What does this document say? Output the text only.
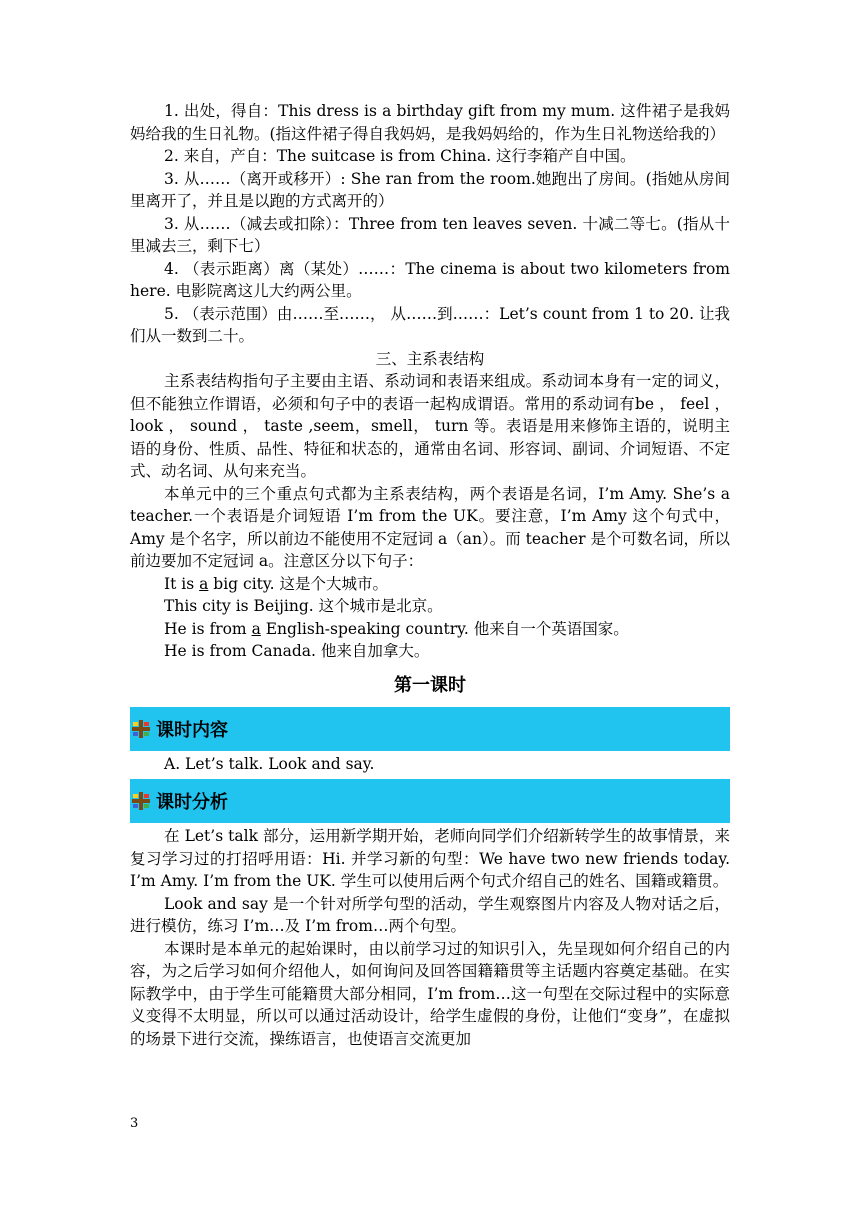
1. 出处，得自：This dress is a birthday gift from my mum. 这件裙子是我妈妈给我的生日礼物。(指这件裙子得自我妈妈，是我妈妈给的，作为生日礼物送给我的）

2. 来自，产自：The suitcase is from China. 这行李箱产自中国。

3. 从……（离开或移开）: She ran from the room.她跑出了房间。(指她从房间里离开了，并且是以跑的方式离开的）

3. 从……（减去或扣除）：Three from ten leaves seven. 十减二等七。(指从十里减去三，剩下七）

4. （表示距离）离（某处）……：The cinema is about two kilometers from here. 电影院离这儿大约两公里。

5. （表示范围）由……至……， 从……到……：Let’s count from 1 to 20. 让我们从一数到二十。

三、主系表结构

主系表结构指句子主要由主语、系动词和表语来组成。系动词本身有一定的词义，但不能独立作谓语，必须和句子中的表语一起构成谓语。常用的系动词有be ， feel ， look ， sound ， taste ,seem，smell， turn 等。表语是用来修饰主语的，说明主语的身份、性质、品性、特征和状态的，通常由名词、形容词、副词、介词短语、不定式、动名词、从句来充当。

本单元中的三个重点句式都为主系表结构，两个表语是名词，I’m Amy. She’s a teacher.一个表语是介词短语 I’m from the UK。要注意，I’m Amy 这个句式中，Amy 是个名字，所以前边不能使用不定冠词 a（an）。而 teacher 是个可数名词，所以前边要加不定冠词 a。注意区分以下句子：

It is a big city. 这是个大城市。

This city is Beijing. 这个城市是北京。

He is from a English-speaking country. 他来自一个英语国家。

He is from Canada. 他来自加拿大。

第一课时
课时内容

A. Let’s talk. Look and say.

课时分析

在 Let’s talk 部分，运用新学期开始，老师向同学们介绍新转学生的故事情景，来复习学习过的打招呼用语：Hi. 并学习新的句型：We have two new friends today. I’m Amy. I’m from the UK. 学生可以使用后两个句式介绍自己的姓名、国籍或籍贯。

Look and say 是一个针对所学句型的活动，学生观察图片内容及人物对话之后，进行模仿，练习 I’m…及 I’m from…两个句型。

本课时是本单元的起始课时，由以前学习过的知识引入，先呈现如何介绍自己的内容，为之后学习如何介绍他人，如何询问及回答国籍籍贯等主话题内容奠定基础。在实际教学中，由于学生可能籍贯大部分相同，I’m from…这一句型在交际过程中的实际意义变得不太明显，所以可以通过活动设计，给学生虚假的身份，让他们“变身”，在虚拟的场景下进行交流，操练语言，也使语言交流更加

3
